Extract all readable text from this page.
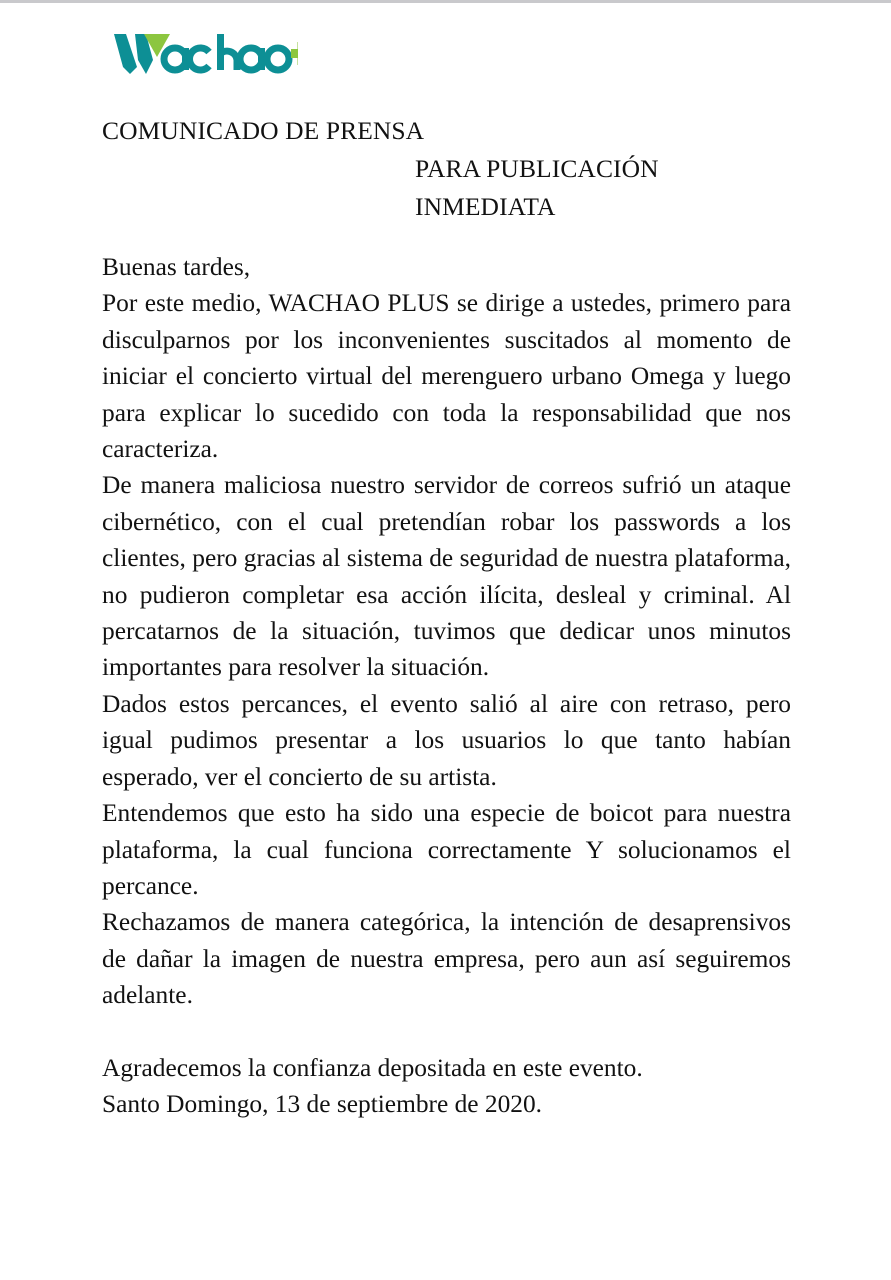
COMUNICADO DE PRENSA
PARA PUBLICACIÓN
INMEDIATA

Buenas tardes,

Por este medio, WACHAO PLUS se dirige a ustedes, primero para disculparnos por los inconvenientes suscitados al momento de iniciar el concierto virtual del merenguero urbano Omega y luego para explicar lo sucedido con toda la responsabilidad que nos caracteriza.

De manera maliciosa nuestro servidor de correos sufrió un ataque cibernético, con el cual pretendían robar los passwords a los clientes, pero gracias al sistema de seguridad de nuestra plataforma, no pudieron completar esa acción ilícita, desleal y criminal. Al percatarnos de la situación, tuvimos que dedicar unos minutos importantes para resolver la situación.

Dados estos percances, el evento salió al aire con retraso, pero igual pudimos presentar a los usuarios lo que tanto habían esperado, ver el concierto de su artista.

Entendemos que esto ha sido una especie de boicot para nuestra plataforma, la cual funciona correctamente Y solucionamos el percance.

Rechazamos de manera categórica, la intención de desaprensivos de dañar la imagen de nuestra empresa, pero aun así seguiremos adelante.

Agradecemos la confianza depositada en este evento.

Santo Domingo, 13 de septiembre de 2020.
